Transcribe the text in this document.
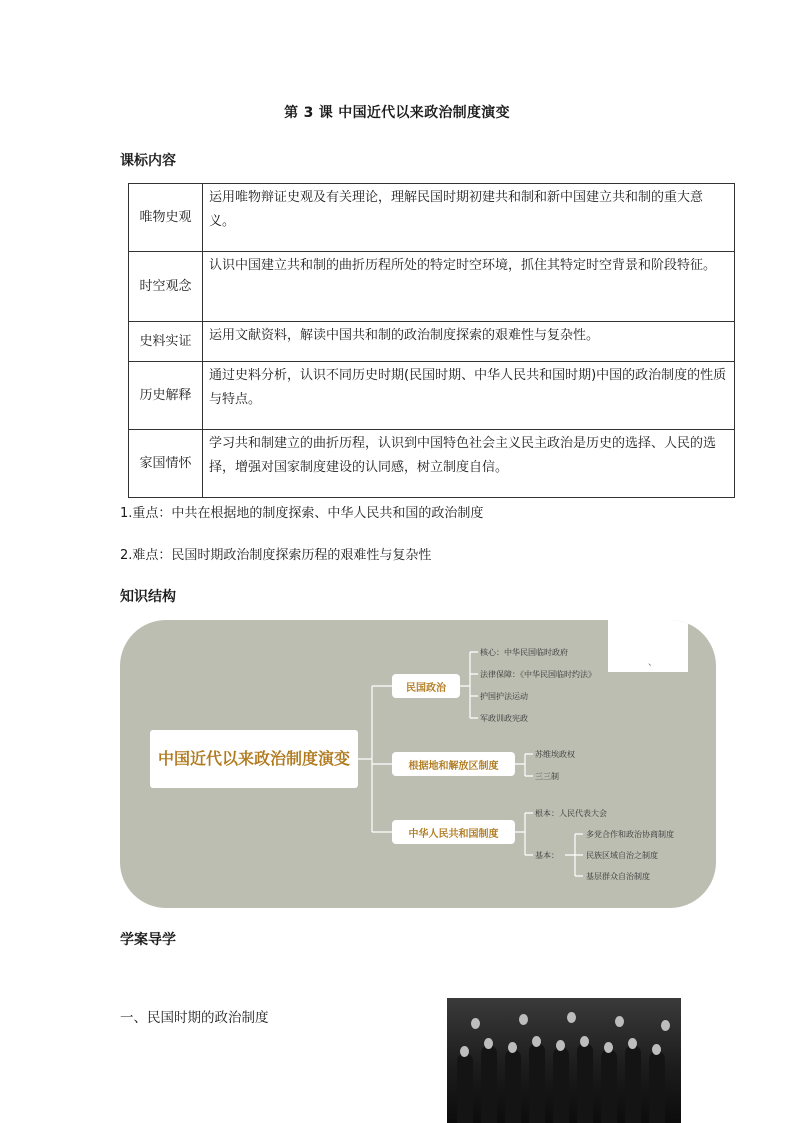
第 3 课 中国近代以来政治制度演变
课标内容
唯物史观	运用唯物辩证史观及有关理论，理解民国时期初建共和制和新中国建立共和制的重大意义。
时空观念	认识中国建立共和制的曲折历程所处的特定时空环境，抓住其特定时空背景和阶段特征。
史料实证	运用文献资料，解读中国共和制的政治制度探索的艰难性与复杂性。
历史解释	通过史料分析，认识不同历史时期(民国时期、中华人民共和国时期)中国的政治制度的性质与特点。
家国情怀	学习共和制建立的曲折历程，认识到中国特色社会主义民主政治是历史的选择、人民的选择，增强对国家制度建设的认同感，树立制度自信。
1.重点：中共在根据地的制度探索、中华人民共和国的政治制度
2.难点：民国时期政治制度探索历程的艰难性与复杂性
知识结构
、
中国近代以来政治制度演变
民国政治
核心：中华民国临时政府
法律保障：《中华民国临时约法》
护国护法运动
军政训政宪政
根据地和解放区制度
苏维埃政权
三三制
中华人民共和国制度
根本：人民代表大会
基本：
多党合作和政治协商制度
民族区域自治之制度
基层群众自治制度
学案导学
一、民国时期的政治制度
